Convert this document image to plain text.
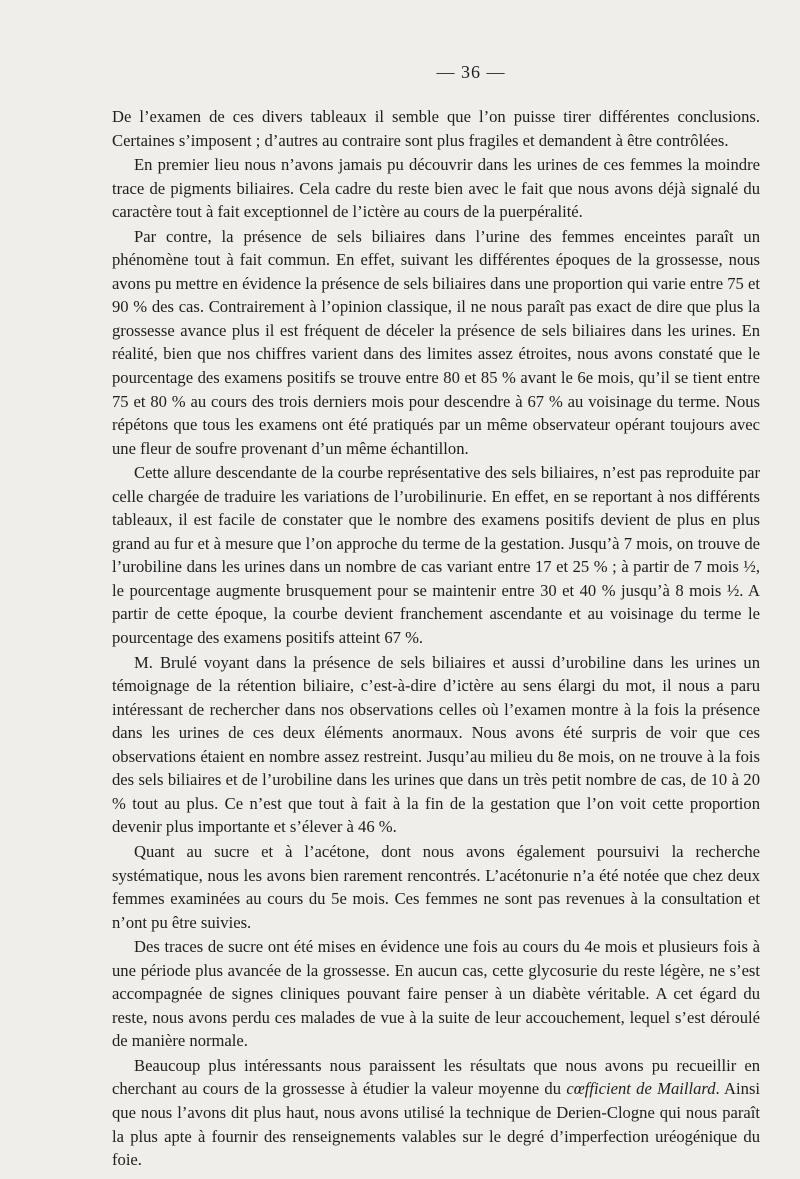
— 36 —

De l’examen de ces divers tableaux il semble que l’on puisse tirer différentes conclusions. Certaines s’imposent ; d’autres au contraire sont plus fragiles et demandent à être contrôlées.

En premier lieu nous n’avons jamais pu découvrir dans les urines de ces femmes la moindre trace de pigments biliaires. Cela cadre du reste bien avec le fait que nous avons déjà signalé du caractère tout à fait exceptionnel de l’ictère au cours de la puerpéralité.

Par contre, la présence de sels biliaires dans l’urine des femmes enceintes paraît un phénomène tout à fait commun. En effet, suivant les différentes époques de la grossesse, nous avons pu mettre en évidence la présence de sels biliaires dans une proportion qui varie entre 75 et 90 % des cas. Contrairement à l’opinion classique, il ne nous paraît pas exact de dire que plus la grossesse avance plus il est fréquent de déceler la présence de sels biliaires dans les urines. En réalité, bien que nos chiffres varient dans des limites assez étroites, nous avons constaté que le pourcentage des examens positifs se trouve entre 80 et 85 % avant le 6e mois, qu’il se tient entre 75 et 80 % au cours des trois derniers mois pour descendre à 67 % au voisinage du terme. Nous répétons que tous les examens ont été pratiqués par un même observateur opérant toujours avec une fleur de soufre provenant d’un même échantillon.

Cette allure descendante de la courbe représentative des sels biliaires, n’est pas reproduite par celle chargée de traduire les variations de l’urobilinurie. En effet, en se reportant à nos différents tableaux, il est facile de constater que le nombre des examens positifs devient de plus en plus grand au fur et à mesure que l’on approche du terme de la gestation. Jusqu’à 7 mois, on trouve de l’urobiline dans les urines dans un nombre de cas variant entre 17 et 25 % ; à partir de 7 mois ½, le pourcentage augmente brusquement pour se maintenir entre 30 et 40 % jusqu’à 8 mois ½. A partir de cette époque, la courbe devient franchement ascendante et au voisinage du terme le pourcentage des examens positifs atteint 67 %.

M. Brulé voyant dans la présence de sels biliaires et aussi d’urobiline dans les urines un témoignage de la rétention biliaire, c’est-à-dire d’ictère au sens élargi du mot, il nous a paru intéressant de rechercher dans nos observations celles où l’examen montre à la fois la présence dans les urines de ces deux éléments anormaux. Nous avons été surpris de voir que ces observations étaient en nombre assez restreint. Jusqu’au milieu du 8e mois, on ne trouve à la fois des sels biliaires et de l’urobiline dans les urines que dans un très petit nombre de cas, de 10 à 20 % tout au plus. Ce n’est que tout à fait à la fin de la gestation que l’on voit cette proportion devenir plus importante et s’élever à 46 %.

Quant au sucre et à l’acétone, dont nous avons également poursuivi la recherche systématique, nous les avons bien rarement rencontrés. L’acétonurie n’a été notée que chez deux femmes examinées au cours du 5e mois. Ces femmes ne sont pas revenues à la consultation et n’ont pu être suivies.

Des traces de sucre ont été mises en évidence une fois au cours du 4e mois et plusieurs fois à une période plus avancée de la grossesse. En aucun cas, cette glycosurie du reste légère, ne s’est accompagnée de signes cliniques pouvant faire penser à un diabète véritable. A cet égard du reste, nous avons perdu ces malades de vue à la suite de leur accouchement, lequel s’est déroulé de manière normale.

Beaucoup plus intéressants nous paraissent les résultats que nous avons pu recueillir en cherchant au cours de la grossesse à étudier la valeur moyenne du cœfficient de Maillard. Ainsi que nous l’avons dit plus haut, nous avons utilisé la technique de Derien-Clogne qui nous paraît la plus apte à fournir des renseignements valables sur le degré d’imperfection uréogénique du foie.
